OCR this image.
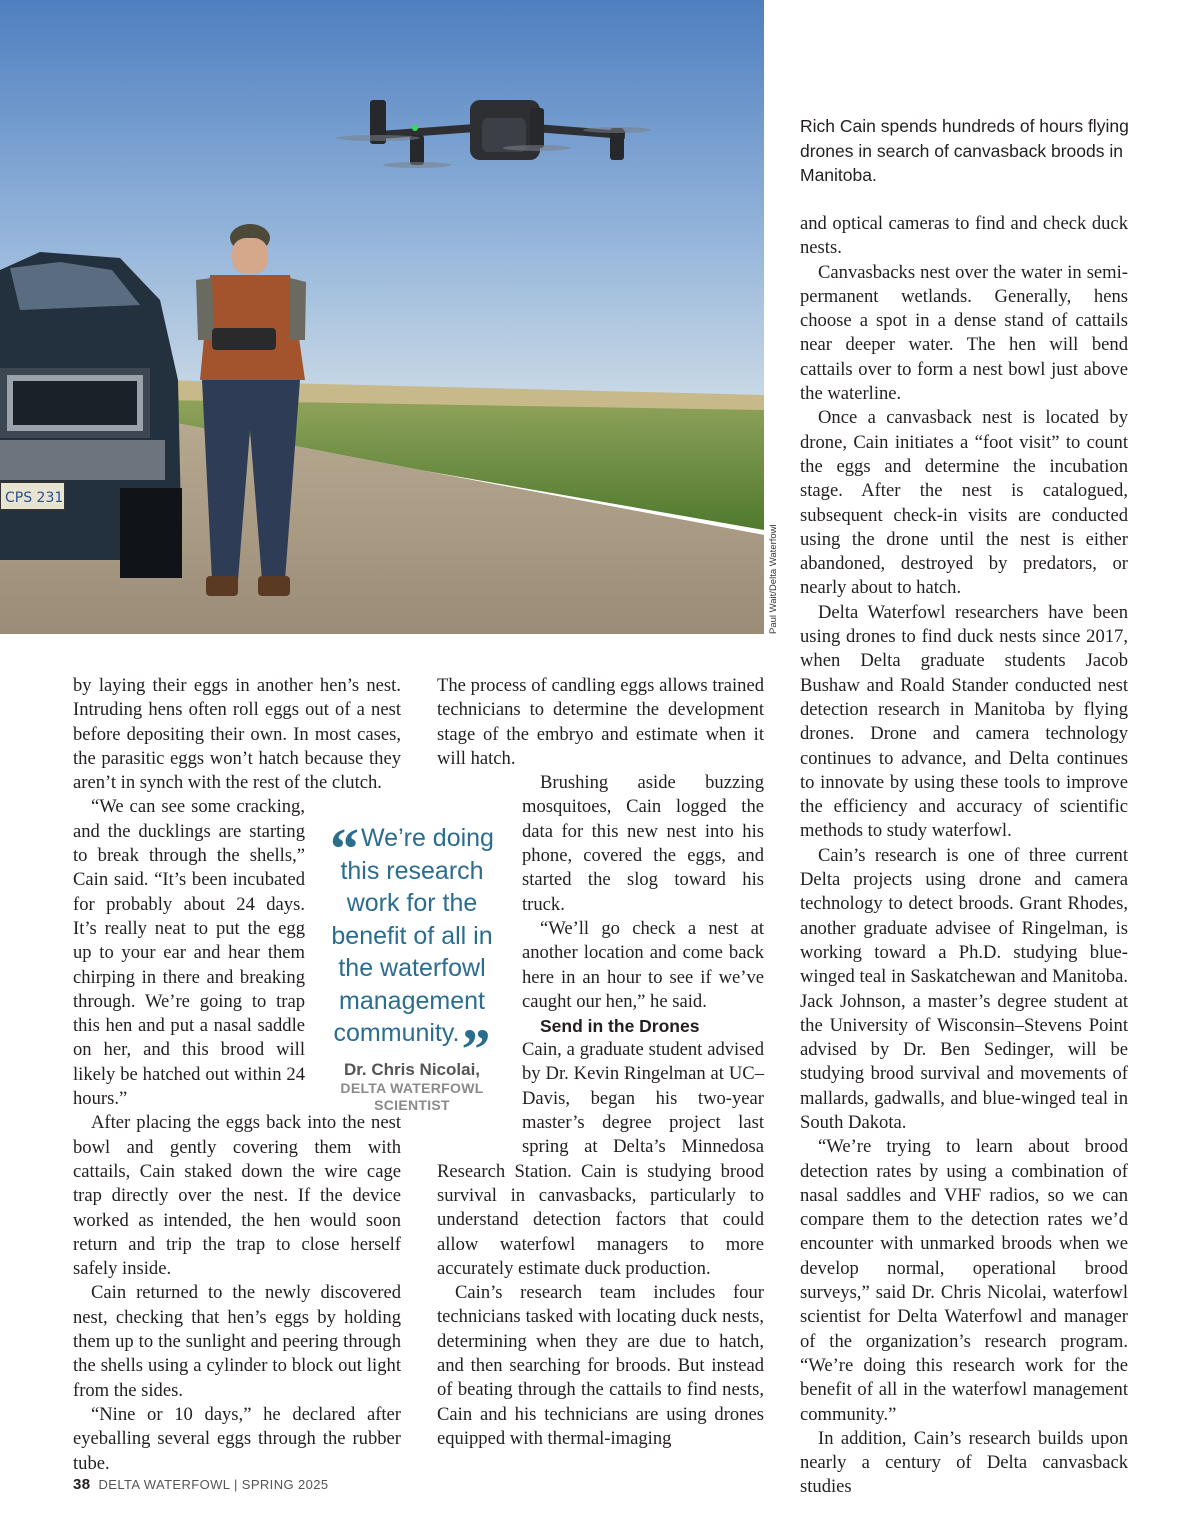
CPS 231
Paul Wait/Delta Waterfowl
Rich Cain spends hundreds of hours flying drones in search of canvasback broods in Manitoba.

by laying their eggs in another hen’s nest. Intruding hens often roll eggs out of a nest before depositing their own. In most cases, the parasitic eggs won’t hatch because they aren’t in synch with the rest of the clutch.

“We can see some cracking, and the ducklings are starting to break through the shells,” Cain said. “It’s been incubated for probably about 24 days. It’s really neat to put the egg up to your ear and hear them chirping in there and breaking through. We’re going to trap this hen and put a nasal saddle on her, and this brood will likely be hatched out within 24 hours.”

After placing the eggs back into the nest bowl and gently covering them with cattails, Cain staked down the wire cage trap directly over the nest. If the device worked as intended, the hen would soon return and trip the trap to close herself safely inside.

Cain returned to the newly discovered nest, checking that hen’s eggs by holding them up to the sunlight and peering through the shells using a cylinder to block out light from the sides.

“Nine or 10 days,” he declared after eyeballing several eggs through the rubber tube.

The process of candling eggs allows trained technicians to determine the development stage of the embryo and estimate when it will hatch.

Brushing aside buzzing mosquitoes, Cain logged the data for this new nest into his phone, covered the eggs, and started the slog toward his truck.

“We’ll go check a nest at another location and come back here in an hour to see if we’ve caught our hen,” he said.

Send in the Drones

Cain, a graduate student advised by Dr. Kevin Ringelman at UC–Davis, began his two-year master’s degree project last spring at Delta’s Minnedosa Research Station. Cain is studying brood survival in canvasbacks, particularly to understand detection factors that could allow waterfowl managers to more accurately estimate duck production.

Cain’s research team includes four technicians tasked with locating duck nests, determining when they are due to hatch, and then searching for broods. But instead of beating through the cattails to find nests, Cain and his technicians are using drones equipped with thermal-imaging

and optical cameras to find and check duck nests.

Canvasbacks nest over the water in semi-permanent wetlands. Generally, hens choose a spot in a dense stand of cattails near deeper water. The hen will bend cattails over to form a nest bowl just above the waterline.

Once a canvasback nest is located by drone, Cain initiates a “foot visit” to count the eggs and determine the incubation stage. After the nest is catalogued, subsequent check-in visits are conducted using the drone until the nest is either abandoned, destroyed by predators, or nearly about to hatch.

Delta Waterfowl researchers have been using drones to find duck nests since 2017, when Delta graduate students Jacob Bushaw and Roald Stander conducted nest detection research in Manitoba by flying drones. Drone and camera technology continues to advance, and Delta continues to innovate by using these tools to improve the efficiency and accuracy of scientific methods to study waterfowl.

Cain’s research is one of three current Delta projects using drone and camera technology to detect broods. Grant Rhodes, another graduate advisee of Ringelman, is working toward a Ph.D. studying blue-winged teal in Saskatchewan and Manitoba. Jack Johnson, a master’s degree student at the University of Wisconsin–Stevens Point advised by Dr. Ben Sedinger, will be studying brood survival and movements of mallards, gadwalls, and blue-winged teal in South Dakota.

“We’re trying to learn about brood detection rates by using a combination of nasal saddles and VHF radios, so we can compare them to the detection rates we’d encounter with unmarked broods when we develop normal, operational brood surveys,” said Dr. Chris Nicolai, waterfowl scientist for Delta Waterfowl and manager of the organization’s research program. “We’re doing this research work for the benefit of all in the waterfowl management community.”

In addition, Cain’s research builds upon nearly a century of Delta canvasback studies

“We’re doing this research work for the benefit of all in the waterfowl management community.”
Dr. Chris Nicolai,
DELTA WATERFOWL
SCIENTIST
38 DELTA WATERFOWL | SPRING 2025
